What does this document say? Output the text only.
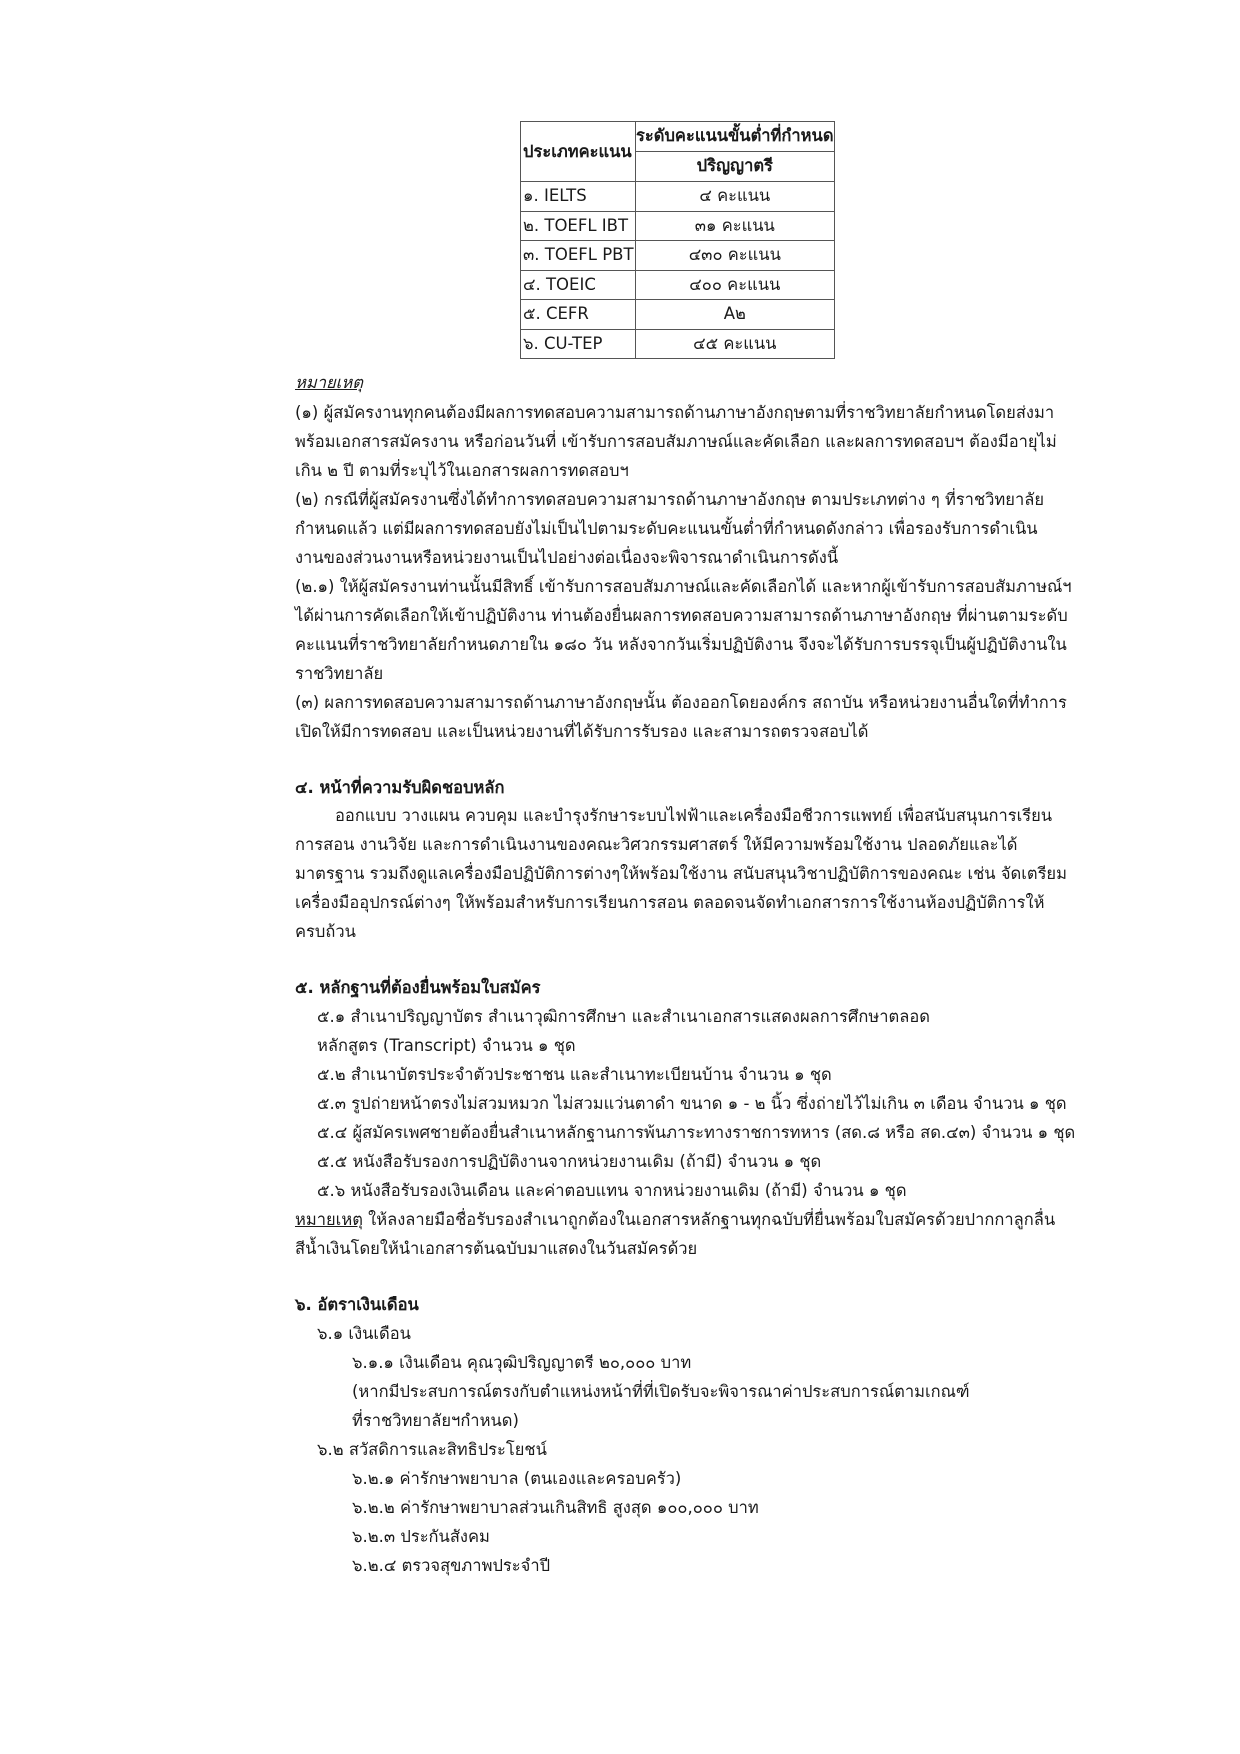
ประเภทคะแนน	ระดับคะแนนขั้นต่ำที่กำหนด
	ปริญญาตรี
๑. IELTS	๔ คะแนน
๒. TOEFL IBT	๓๑ คะแนน
๓. TOEFL PBT	๔๓๐ คะแนน
๔. TOEIC	๔๐๐ คะแนน
๕. CEFR	A๒
๖. CU-TEP	๔๕ คะแนน
หมายเหตุ
(๑) ผู้สมัครงานทุกคนต้องมีผลการทดสอบความสามารถด้านภาษาอังกฤษตามที่ราชวิทยาลัยกำหนดโดยส่งมา
พร้อมเอกสารสมัครงาน หรือก่อนวันที่ เข้ารับการสอบสัมภาษณ์และคัดเลือก และผลการทดสอบฯ ต้องมีอายุไม่
เกิน ๒ ปี ตามที่ระบุไว้ในเอกสารผลการทดสอบฯ
(๒) กรณีที่ผู้สมัครงานซึ่งได้ทำการทดสอบความสามารถด้านภาษาอังกฤษ ตามประเภทต่าง ๆ ที่ราชวิทยาลัย
กำหนดแล้ว แต่มีผลการทดสอบยังไม่เป็นไปตามระดับคะแนนขั้นต่ำที่กำหนดดังกล่าว เพื่อรองรับการดำเนิน
งานของส่วนงานหรือหน่วยงานเป็นไปอย่างต่อเนื่องจะพิจารณาดำเนินการดังนี้
(๒.๑) ให้ผู้สมัครงานท่านนั้นมีสิทธิ์ เข้ารับการสอบสัมภาษณ์และคัดเลือกได้ และหากผู้เข้ารับการสอบสัมภาษณ์ฯ
ได้ผ่านการคัดเลือกให้เข้าปฏิบัติงาน ท่านต้องยื่นผลการทดสอบความสามารถด้านภาษาอังกฤษ ที่ผ่านตามระดับ
คะแนนที่ราชวิทยาลัยกำหนดภายใน ๑๘๐ วัน หลังจากวันเริ่มปฏิบัติงาน จึงจะได้รับการบรรจุเป็นผู้ปฏิบัติงานใน
ราชวิทยาลัย
(๓) ผลการทดสอบความสามารถด้านภาษาอังกฤษนั้น ต้องออกโดยองค์กร สถาบัน หรือหน่วยงานอื่นใดที่ทำการ
เปิดให้มีการทดสอบ และเป็นหน่วยงานที่ได้รับการรับรอง และสามารถตรวจสอบได้
๔. หน้าที่ความรับผิดชอบหลัก
ออกแบบ วางแผน ควบคุม และบำรุงรักษาระบบไฟฟ้าและเครื่องมือชีวการแพทย์ เพื่อสนับสนุนการเรียน
การสอน งานวิจัย และการดำเนินงานของคณะวิศวกรรมศาสตร์ ให้มีความพร้อมใช้งาน ปลอดภัยและได้
มาตรฐาน รวมถึงดูแลเครื่องมือปฏิบัติการต่างๆให้พร้อมใช้งาน สนับสนุนวิชาปฏิบัติการของคณะ เช่น จัดเตรียม
เครื่องมืออุปกรณ์ต่างๆ ให้พร้อมสำหรับการเรียนการสอน ตลอดจนจัดทำเอกสารการใช้งานห้องปฏิบัติการให้
ครบถ้วน
๕. หลักฐานที่ต้องยื่นพร้อมใบสมัคร
๕.๑ สำเนาปริญญาบัตร สำเนาวุฒิการศึกษา และสำเนาเอกสารแสดงผลการศึกษาตลอด
หลักสูตร (Transcript) จำนวน ๑ ชุด
๕.๒ สำเนาบัตรประจำตัวประชาชน และสำเนาทะเบียนบ้าน จำนวน ๑ ชุด
๕.๓ รูปถ่ายหน้าตรงไม่สวมหมวก ไม่สวมแว่นตาดำ ขนาด ๑ - ๒ นิ้ว ซึ่งถ่ายไว้ไม่เกิน ๓ เดือน จำนวน ๑ ชุด
๕.๔ ผู้สมัครเพศชายต้องยื่นสำเนาหลักฐานการพ้นภาระทางราชการทหาร (สด.๘ หรือ สด.๔๓) จำนวน ๑ ชุด
๕.๕ หนังสือรับรองการปฏิบัติงานจากหน่วยงานเดิม (ถ้ามี) จำนวน ๑ ชุด
๕.๖ หนังสือรับรองเงินเดือน และค่าตอบแทน จากหน่วยงานเดิม (ถ้ามี) จำนวน ๑ ชุด
หมายเหตุ ให้ลงลายมือชื่อรับรองสำเนาถูกต้องในเอกสารหลักฐานทุกฉบับที่ยื่นพร้อมใบสมัครด้วยปากกาลูกลื่น
สีน้ำเงินโดยให้นำเอกสารต้นฉบับมาแสดงในวันสมัครด้วย
๖. อัตราเงินเดือน
๖.๑ เงินเดือน
๖.๑.๑ เงินเดือน คุณวุฒิปริญญาตรี ๒๐,๐๐๐ บาท
(หากมีประสบการณ์ตรงกับตำแหน่งหน้าที่ที่เปิดรับจะพิจารณาค่าประสบการณ์ตามเกณฑ์
ที่ราชวิทยาลัยฯกำหนด)
๖.๒ สวัสดิการและสิทธิประโยชน์
๖.๒.๑ ค่ารักษาพยาบาล (ตนเองและครอบครัว)
๖.๒.๒ ค่ารักษาพยาบาลส่วนเกินสิทธิ สูงสุด ๑๐๐,๐๐๐ บาท
๖.๒.๓ ประกันสังคม
๖.๒.๔ ตรวจสุขภาพประจำปี
